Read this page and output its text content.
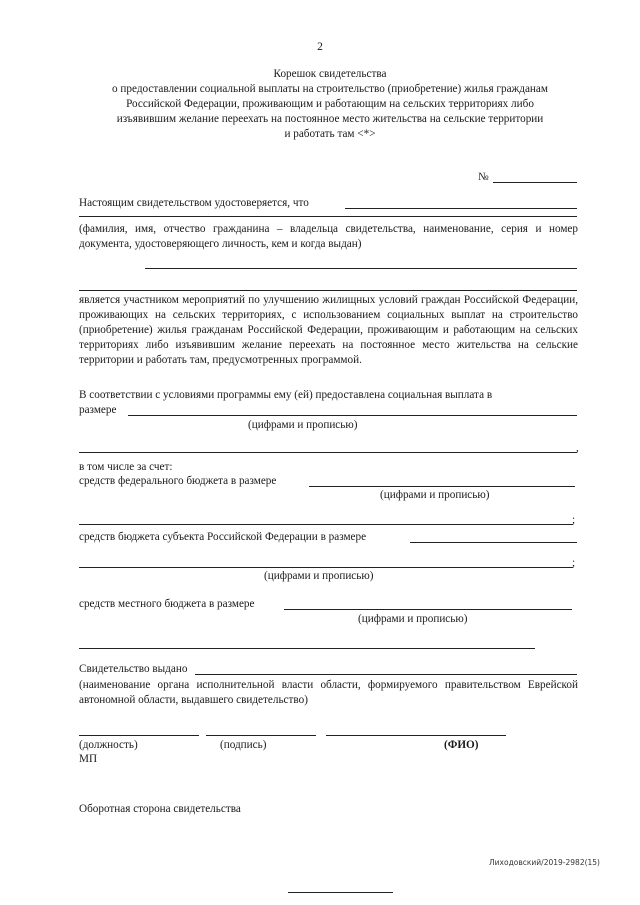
2
Корешок свидетельства
о предоставлении социальной выплаты на строительство (приобретение) жилья гражданам
Российской Федерации, проживающим и работающим на сельских территориях либо
изъявившим желание переехать на постоянное место жительства на сельские территории
и работать там <*>
№
Настоящим свидетельством удостоверяется, что
(фамилия, имя, отчество гражданина – владельца свидетельства, наименование, серия и номер документа, удостоверяющего личность, кем и когда выдан)
является участником мероприятий по улучшению жилищных условий граждан Российской Федерации, проживающих на сельских территориях, с использованием социальных выплат на строительство (приобретение) жилья гражданам Российской Федерации, проживающим и работающим на сельских территориях либо изъявившим желание переехать на постоянное место жительства на сельские территории и работать там, предусмотренных программой.
В соответствии с условиями программы ему (ей) предоставлена социальная выплата в
размере
(цифрами и прописью)
,
в том числе за счет:
средств федерального бюджета в размере
(цифрами и прописью)
;
средств бюджета субъекта Российской Федерации в размере
;
(цифрами и прописью)
средств местного бюджета в размере
(цифрами и прописью)
Свидетельство выдано
(наименование органа исполнительной власти области, формируемого правительством Еврейской автономной области, выдавшего свидетельство)
(должность)	(подпись)	(ФИО)
МП
Оборотная сторона свидетельства
Лиходовский/2019-2982(15)
